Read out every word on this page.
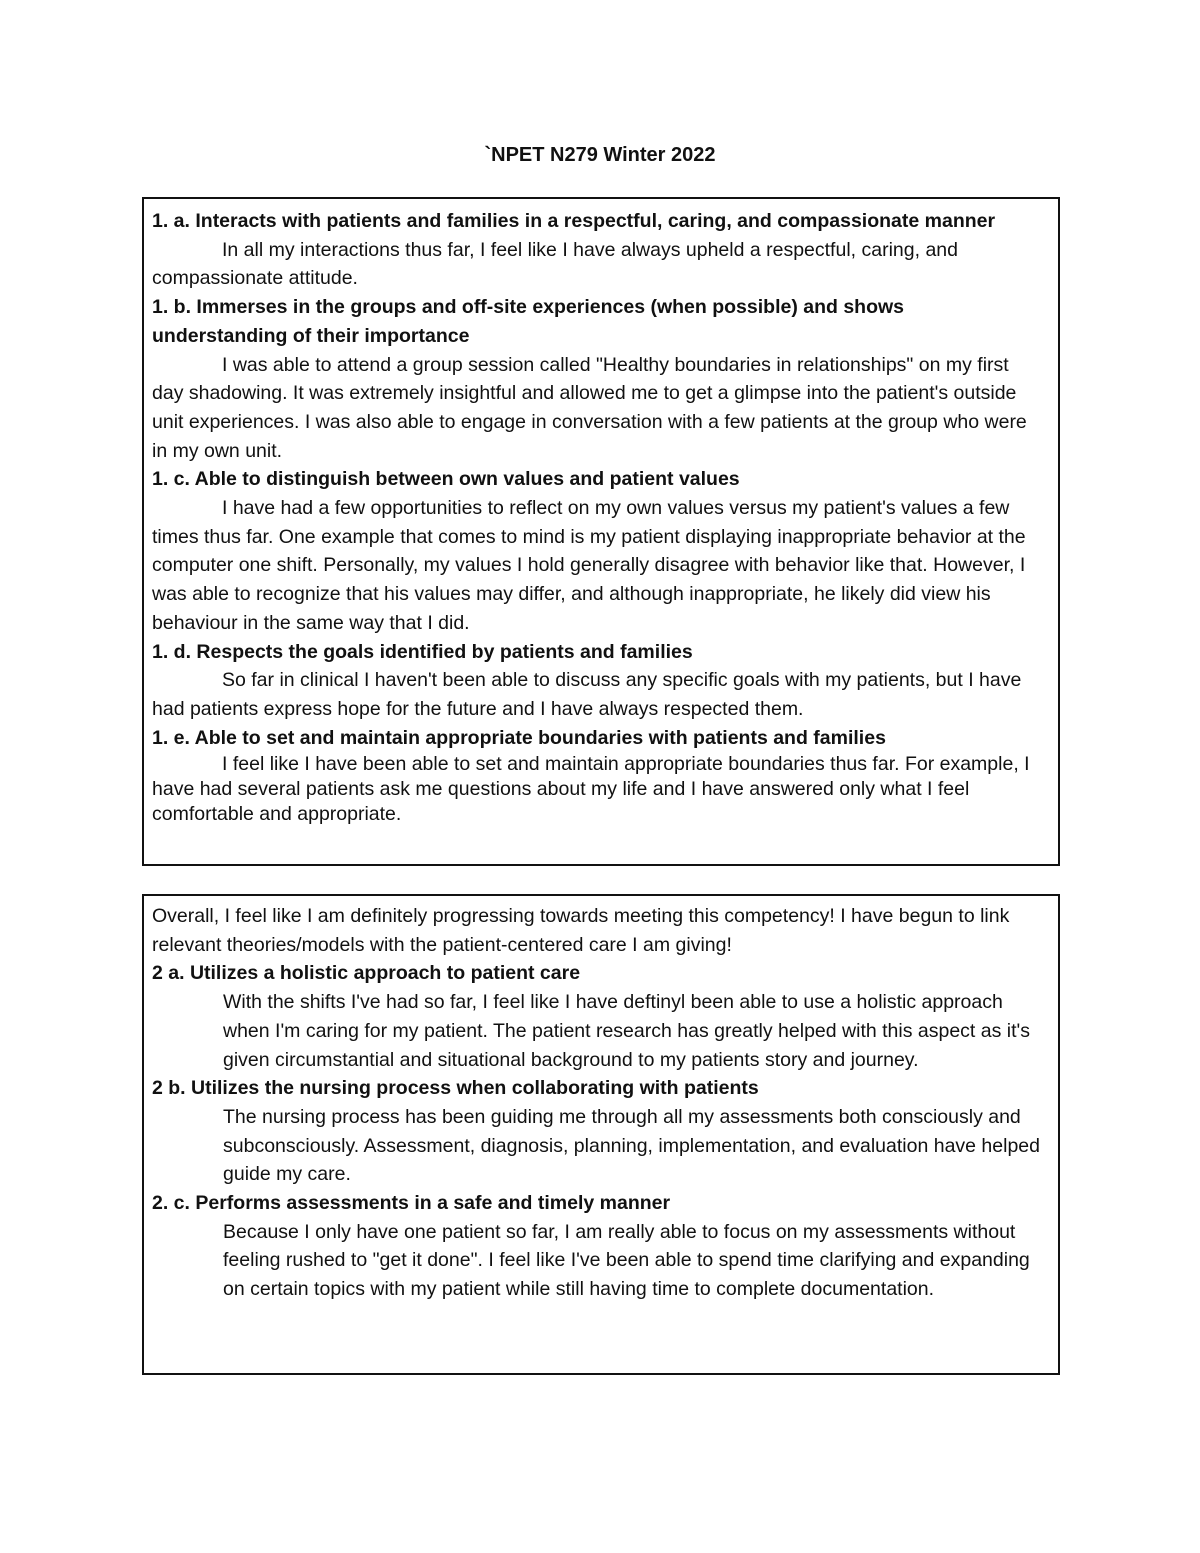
`NPET N279 Winter 2022

1. a. Interacts with patients and families in a respectful, caring, and compassionate manner

In all my interactions thus far, I feel like I have always upheld a respectful, caring, and compassionate attitude.

1. b. Immerses in the groups and off-site experiences (when possible) and shows understanding of their importance

I was able to attend a group session called "Healthy boundaries in relationships" on my first day shadowing. It was extremely insightful and allowed me to get a glimpse into the patient's outside unit experiences. I was also able to engage in conversation with a few patients at the group who were in my own unit.

1. c. Able to distinguish between own values and patient values

I have had a few opportunities to reflect on my own values versus my patient's values a few times thus far. One example that comes to mind is my patient displaying inappropriate behavior at the computer one shift. Personally, my values I hold generally disagree with behavior like that. However, I was able to recognize that his values may differ, and although inappropriate, he likely did view his behaviour in the same way that I did.

1. d. Respects the goals identified by patients and families

So far in clinical I haven't been able to discuss any specific goals with my patients, but I have had patients express hope for the future and I have always respected them.

1. e. Able to set and maintain appropriate boundaries with patients and families

I feel like I have been able to set and maintain appropriate boundaries thus far. For example, I have had several patients ask me questions about my life and I have answered only what I feel comfortable and appropriate.

Overall, I feel like I am definitely progressing towards meeting this competency! I have begun to link relevant theories/models with the patient-centered care I am giving!

2 a. Utilizes a holistic approach to patient care

With the shifts I've had so far, I feel like I have deftinyl been able to use a holistic approach when I'm caring for my patient. The patient research has greatly helped with this aspect as it's given circumstantial and situational background to my patients story and journey.

2 b. Utilizes the nursing process when collaborating with patients

The nursing process has been guiding me through all my assessments both consciously and subconsciously. Assessment, diagnosis, planning, implementation, and evaluation have helped guide my care.

2. c. Performs assessments in a safe and timely manner

Because I only have one patient so far, I am really able to focus on my assessments without feeling rushed to "get it done". I feel like I've been able to spend time clarifying and expanding on certain topics with my patient while still having time to complete documentation.
